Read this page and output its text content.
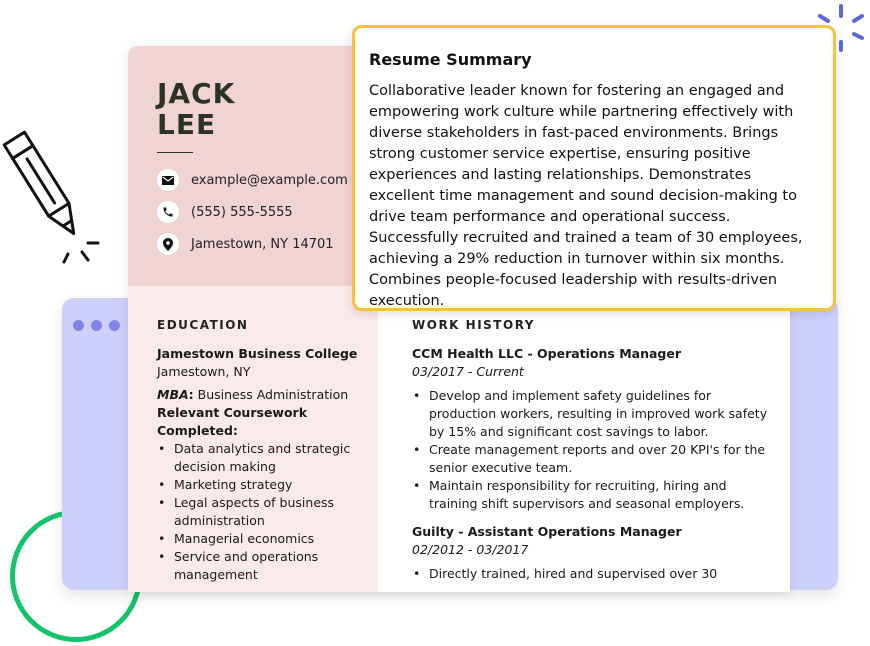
JACK
LEE
example@example.com
(555) 555-5555
Jamestown, NY 14701
EDUCATION
Jamestown Business College
Jamestown, NY
MBA: Business Administration
Relevant Coursework Completed:
• Data analytics and strategic decision making
• Marketing strategy
• Legal aspects of business administration
• Managerial economics
• Service and operations management
WORK HISTORY
CCM Health LLC - Operations Manager
03/2017 - Current
• Develop and implement safety guidelines for production workers, resulting in improved work safety by 15% and significant cost savings to labor.
• Create management reports and over 20 KPI's for the senior executive team.
• Maintain responsibility for recruiting, hiring and training shift supervisors and seasonal employers.
Guilty - Assistant Operations Manager
02/2012 - 03/2017
• Directly trained, hired and supervised over 30
Resume Summary

Collaborative leader known for fostering an engaged and empowering work culture while partnering effectively with diverse stakeholders in fast-paced environments. Brings strong customer service expertise, ensuring positive experiences and lasting relationships. Demonstrates excellent time management and sound decision-making to drive team performance and operational success. Successfully recruited and trained a team of 30 employees, achieving a 29% reduction in turnover within six months. Combines people-focused leadership with results-driven execution.
